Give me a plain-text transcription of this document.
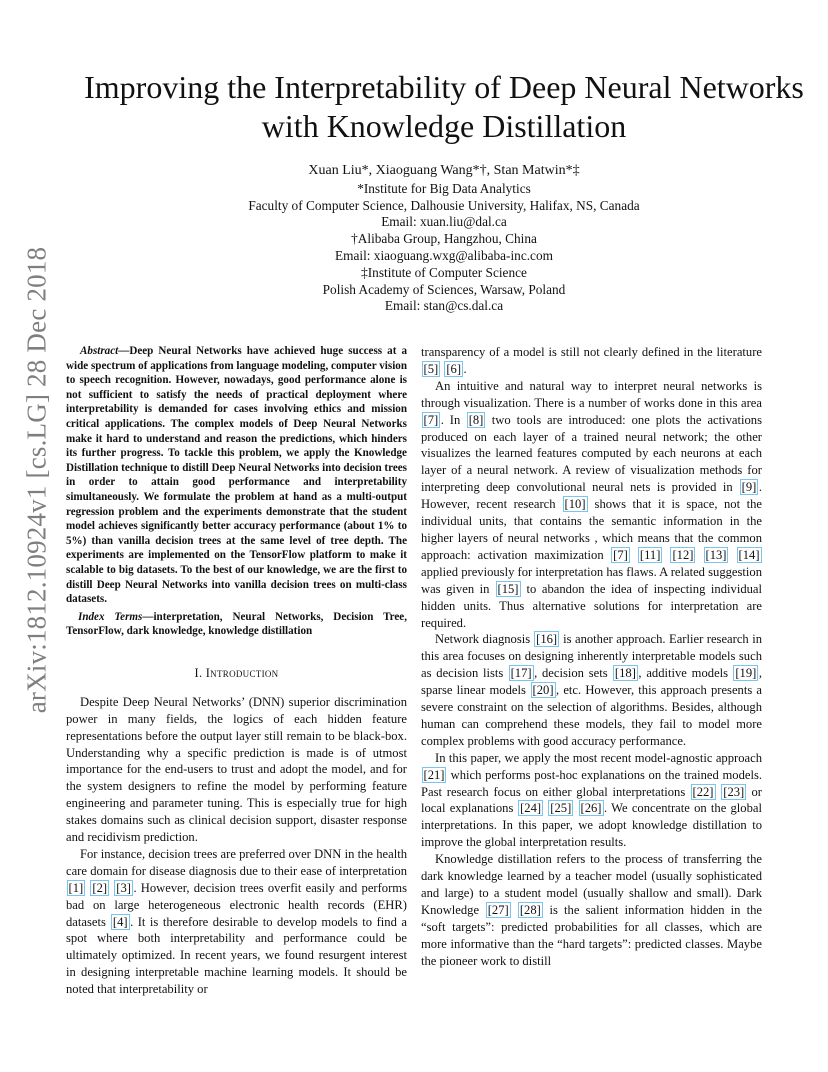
arXiv:1812.10924v1 [cs.LG] 28 Dec 2018
Improving the Interpretability of Deep Neural Networks with Knowledge Distillation
Xuan Liu*, Xiaoguang Wang*†, Stan Matwin*‡
*Institute for Big Data Analytics
Faculty of Computer Science, Dalhousie University, Halifax, NS, Canada
Email: xuan.liu@dal.ca
†Alibaba Group, Hangzhou, China
Email: xiaoguang.wxg@alibaba-inc.com
‡Institute of Computer Science
Polish Academy of Sciences, Warsaw, Poland
Email: stan@cs.dal.ca

Abstract—Deep Neural Networks have achieved huge success at a wide spectrum of applications from language modeling, computer vision to speech recognition. However, nowadays, good performance alone is not sufficient to satisfy the needs of practical deployment where interpretability is demanded for cases involving ethics and mission critical applications. The complex models of Deep Neural Networks make it hard to understand and reason the predictions, which hinders its further progress. To tackle this problem, we apply the Knowledge Distillation technique to distill Deep Neural Networks into decision trees in order to attain good performance and interpretability simultaneously. We formulate the problem at hand as a multi-output regression problem and the experiments demonstrate that the student model achieves significantly better accuracy performance (about 1% to 5%) than vanilla decision trees at the same level of tree depth. The experiments are implemented on the TensorFlow platform to make it scalable to big datasets. To the best of our knowledge, we are the first to distill Deep Neural Networks into vanilla decision trees on multi-class datasets.

Index Terms—interpretation, Neural Networks, Decision Tree, TensorFlow, dark knowledge, knowledge distillation

I. Introduction

Despite Deep Neural Networks’ (DNN) superior discrimination power in many fields, the logics of each hidden feature representations before the output layer still remain to be black-box. Understanding why a specific prediction is made is of utmost importance for the end-users to trust and adopt the model, and for the system designers to refine the model by performing feature engineering and parameter tuning. This is especially true for high stakes domains such as clinical decision support, disaster response and recidivism prediction.

For instance, decision trees are preferred over DNN in the health care domain for disease diagnosis due to their ease of interpretation [1] [2] [3] . However, decision trees overfit easily and performs bad on large heterogeneous electronic health records (EHR) datasets [4] . It is therefore desirable to develop models to find a spot where both interpretability and performance could be ultimately optimized. In recent years, we found resurgent interest in designing interpretable machine learning models. It should be noted that interpretability or

transparency of a model is still not clearly defined in the literature [5] [6] .

An intuitive and natural way to interpret neural networks is through visualization. There is a number of works done in this area [7] . In [8] two tools are introduced: one plots the activations produced on each layer of a trained neural network; the other visualizes the learned features computed by each neurons at each layer of a neural network. A review of visualization methods for interpreting deep convolutional neural nets is provided in [9] . However, recent research [10] shows that it is space, not the individual units, that contains the semantic information in the higher layers of neural networks , which means that the common approach: activation maximization [7] [11] [12] [13] [14] applied previously for interpretation has flaws. A related suggestion was given in [15] to abandon the idea of inspecting individual hidden units. Thus alternative solutions for interpretation are required.

Network diagnosis [16] is another approach. Earlier research in this area focuses on designing inherently interpretable models such as decision lists [17] , decision sets [18] , additive models [19] , sparse linear models [20] , etc. However, this approach presents a severe constraint on the selection of algorithms. Besides, although human can comprehend these models, they fail to model more complex problems with good accuracy performance.

In this paper, we apply the most recent model-agnostic approach [21] which performs post-hoc explanations on the trained models. Past research focus on either global interpretations [22] [23] or local explanations [24] [25] [26] . We concentrate on the global interpretations. In this paper, we adopt knowledge distillation to improve the global interpretation results.

Knowledge distillation refers to the process of transferring the dark knowledge learned by a teacher model (usually sophisticated and large) to a student model (usually shallow and small). Dark Knowledge [27] [28] is the salient information hidden in the “soft targets”: predicted probabilities for all classes, which are more informative than the “hard targets”: predicted classes. Maybe the pioneer work to distill
